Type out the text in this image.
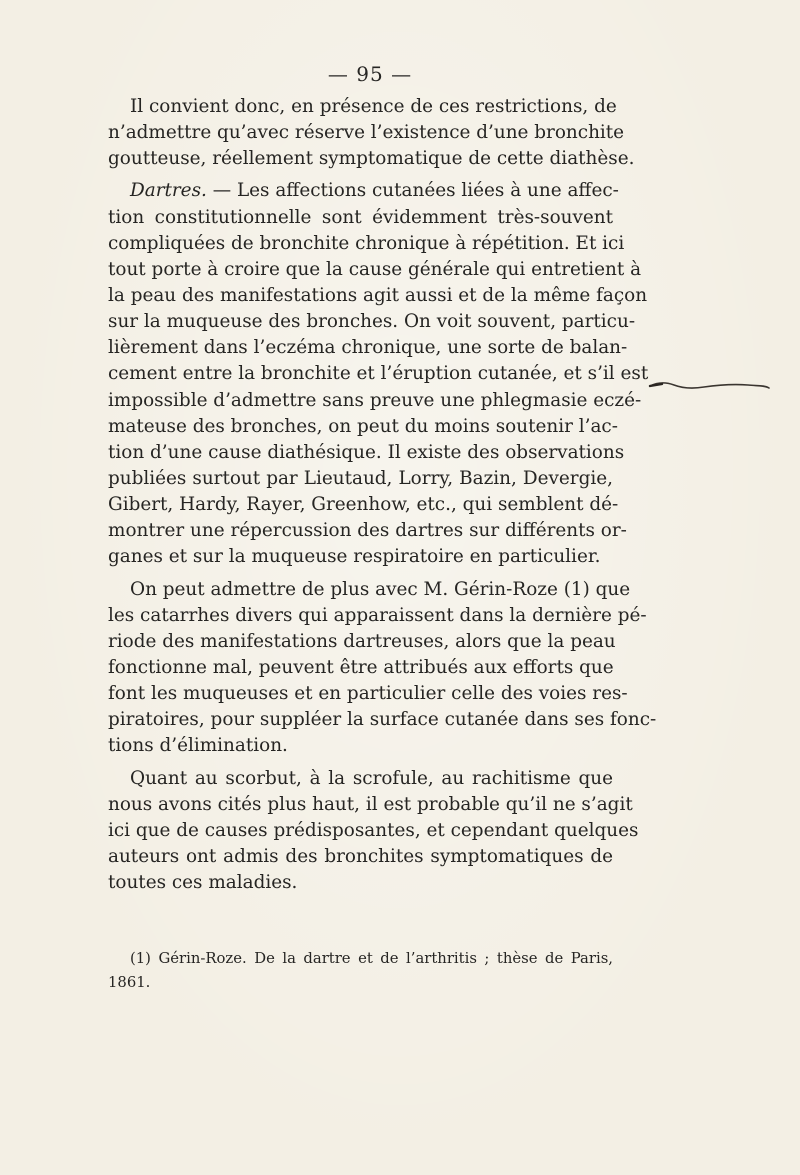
— 95 —
Il convient donc, en présence de ces restrictions, de
n’admettre qu’avec réserve l’existence d’une bronchite
goutteuse, réellement symptomatique de cette diathèse.
Dartres. — Les affections cutanées liées à une affec-
tion constitutionnelle sont évidemment très-souvent
compliquées de bronchite chronique à répétition. Et ici
tout porte à croire que la cause générale qui entretient à
la peau des manifestations agit aussi et de la même façon
sur la muqueuse des bronches. On voit souvent, particu-
lièrement dans l’eczéma chronique, une sorte de balan-
cement entre la bronchite et l’éruption cutanée, et s’il est
impossible d’admettre sans preuve une phlegmasie eczé-
mateuse des bronches, on peut du moins soutenir l’ac-
tion d’une cause diathésique. Il existe des observations
publiées surtout par Lieutaud, Lorry, Bazin, Devergie,
Gibert, Hardy, Rayer, Greenhow, etc., qui semblent dé-
montrer une répercussion des dartres sur différents or-
ganes et sur la muqueuse respiratoire en particulier.
On peut admettre de plus avec M. Gérin-Roze (1) que
les catarrhes divers qui apparaissent dans la dernière pé-
riode des manifestations dartreuses, alors que la peau
fonctionne mal, peuvent être attribués aux efforts que
font les muqueuses et en particulier celle des voies res-
piratoires, pour suppléer la surface cutanée dans ses fonc-
tions d’élimination.
Quant au scorbut, à la scrofule, au rachitisme que
nous avons cités plus haut, il est probable qu’il ne s’agit
ici que de causes prédisposantes, et cependant quelques
auteurs ont admis des bronchites symptomatiques de
toutes ces maladies.
(1) Gérin-Roze. De la dartre et de l’arthritis ; thèse de Paris,
1861.
